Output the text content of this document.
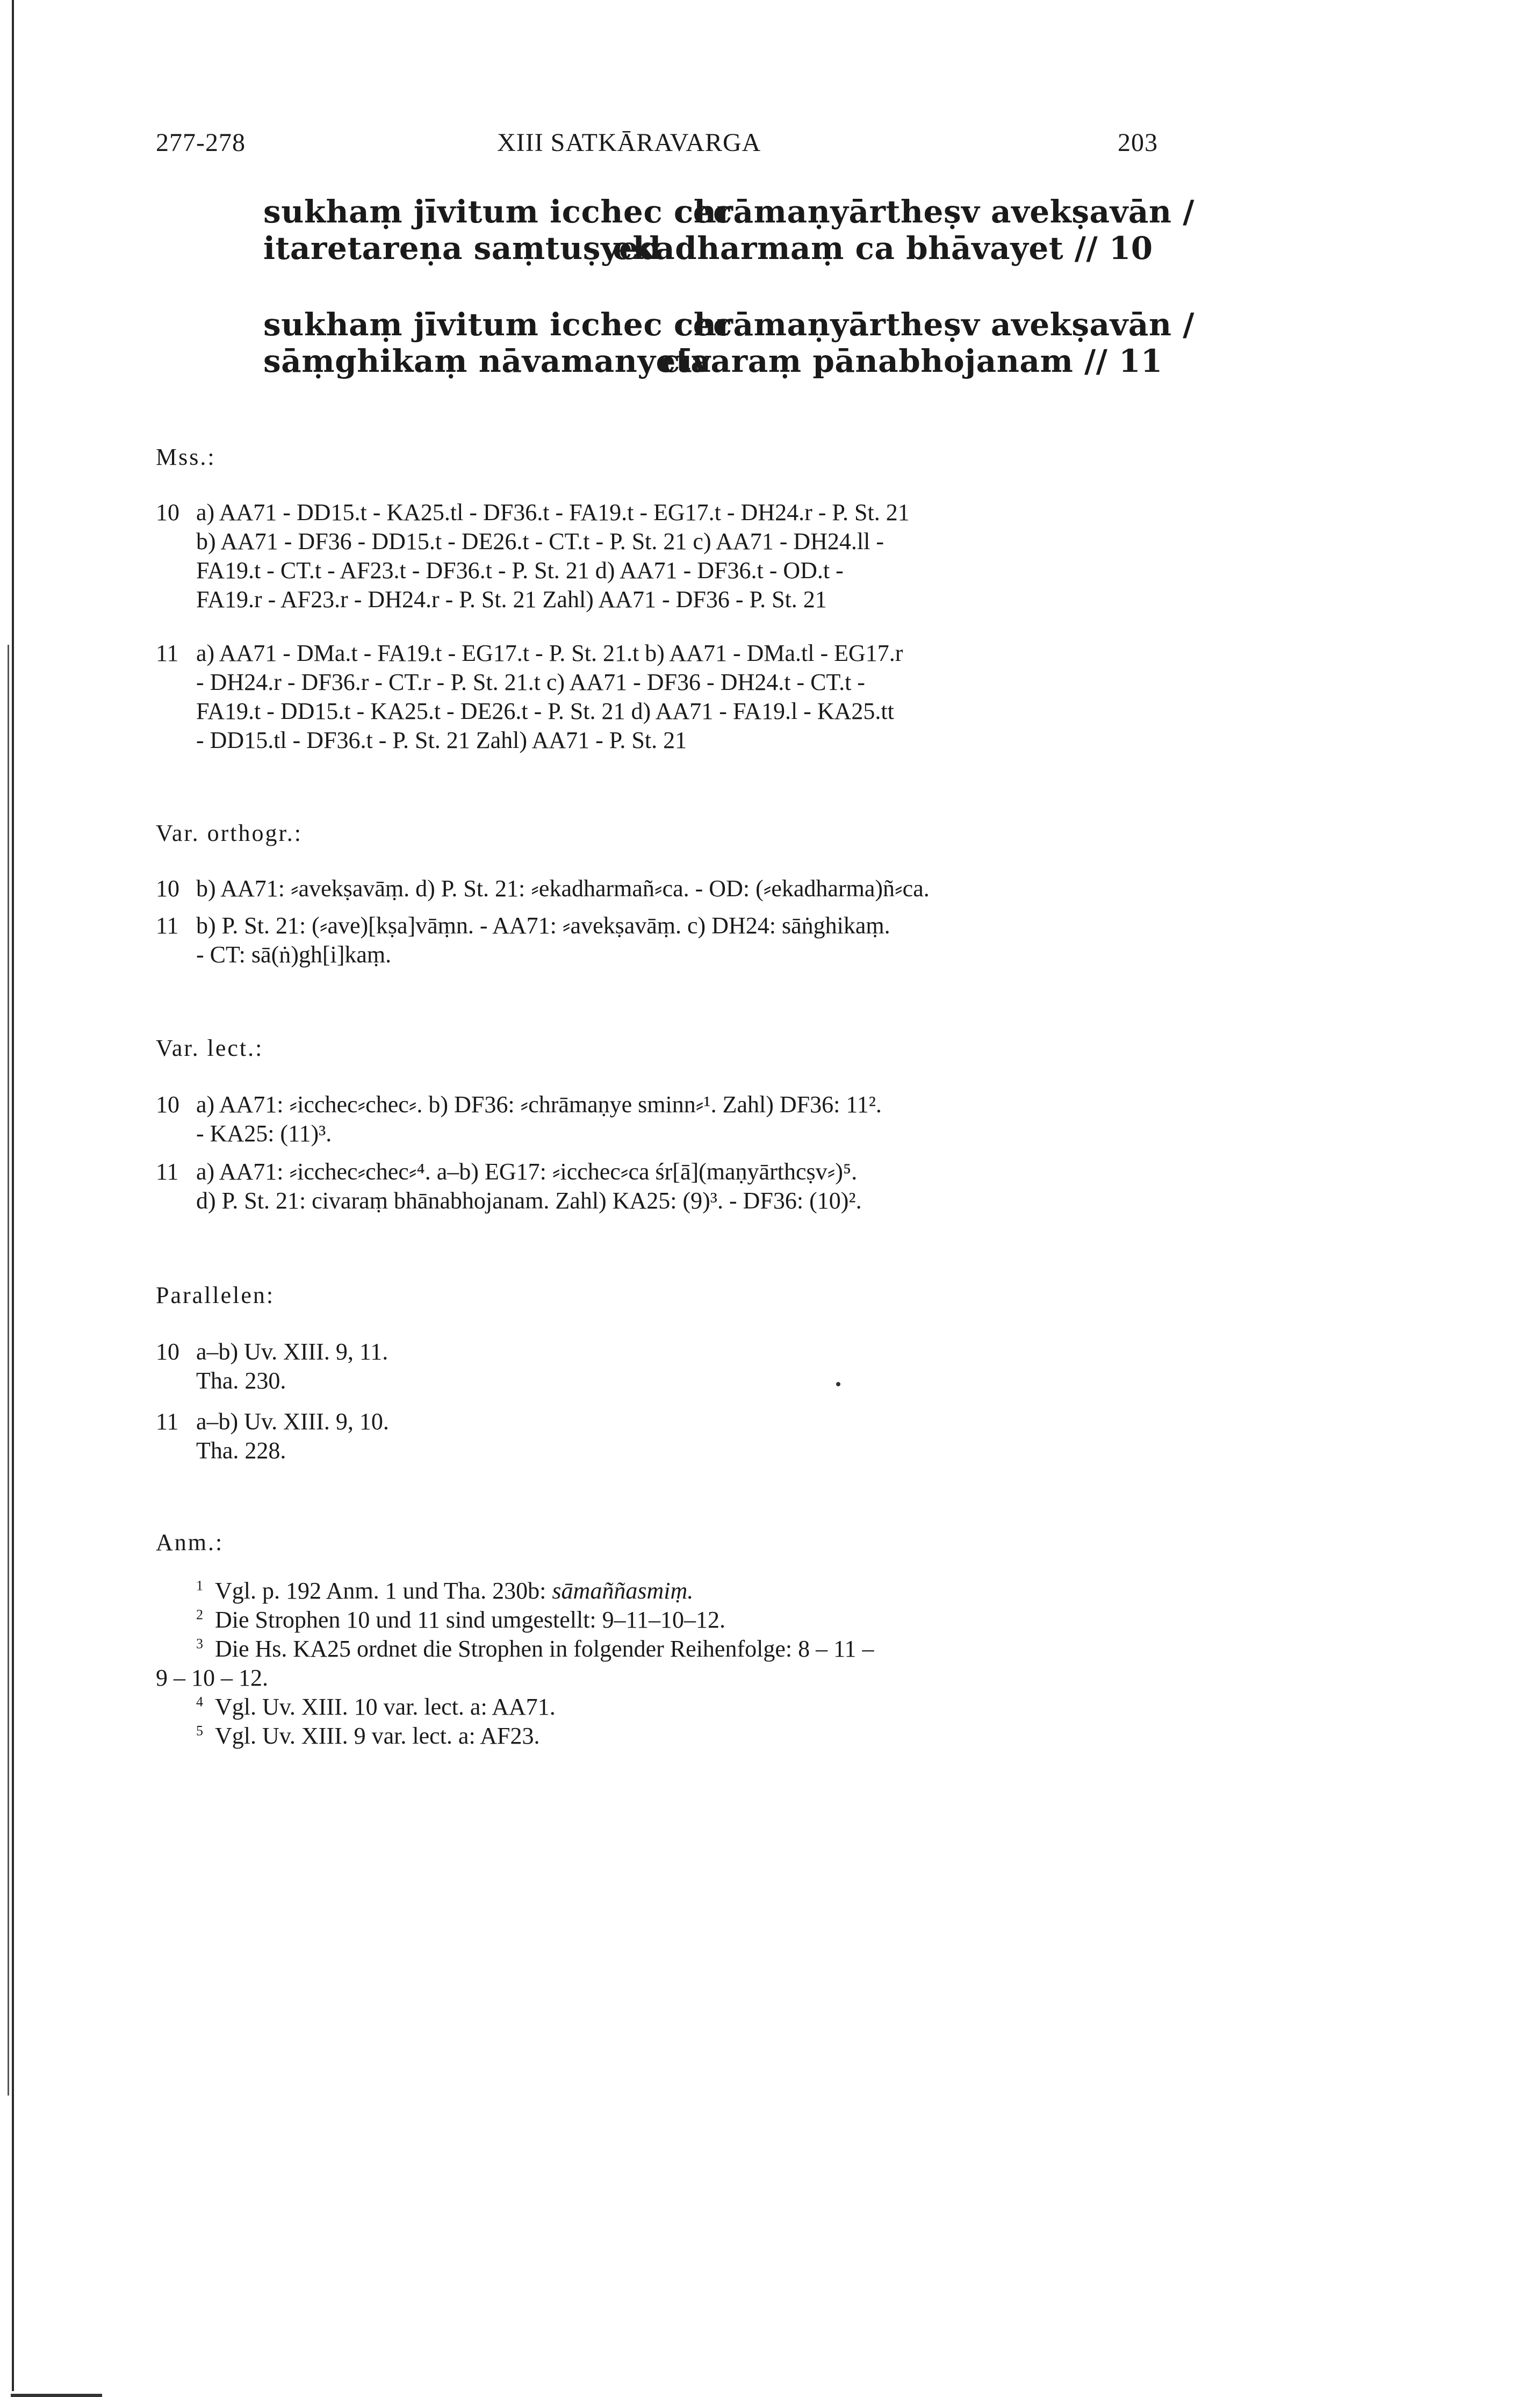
277-278	XIII SATKĀRAVARGA	203
sukhaṃ jīvitum icchec cec
chrāmaṇyārtheṣv avekṣavān /
itaretareṇa saṃtuṣyed
ekadharmaṃ ca bhāvayet // 10
sukhaṃ jīvitum icchec cec
chrāmaṇyārtheṣv avekṣavān /
sāṃghikaṃ nāvamanyeta
cīvaraṃ pānabhojanam // 11
Mss.:
10 a) AA71 - DD15.t - KA25.tl - DF36.t - FA19.t - EG17.t - DH24.r - P. St. 21
b) AA71 - DF36 - DD15.t - DE26.t - CT.t - P. St. 21 c) AA71 - DH24.ll -
FA19.t - CT.t - AF23.t - DF36.t - P. St. 21 d) AA71 - DF36.t - OD.t -
FA19.r - AF23.r - DH24.r - P. St. 21 Zahl) AA71 - DF36 - P. St. 21
11 a) AA71 - DMa.t - FA19.t - EG17.t - P. St. 21.t b) AA71 - DMa.tl - EG17.r
- DH24.r - DF36.r - CT.r - P. St. 21.t c) AA71 - DF36 - DH24.t - CT.t -
FA19.t - DD15.t - KA25.t - DE26.t - P. St. 21 d) AA71 - FA19.l - KA25.tt
- DD15.tl - DF36.t - P. St. 21 Zahl) AA71 - P. St. 21
Var. orthogr.:
10 b) AA71: ⸗avekṣavāṃ. d) P. St. 21: ⸗ekadharmañ⸗ca. - OD: (⸗ekadharma)ñ⸗ca.
11 b) P. St. 21: (⸗ave)[kṣa]vāṃn. - AA71: ⸗avekṣavāṃ. c) DH24: sāṅghikaṃ.
- CT: sā(ṅ)gh[i]kaṃ.
Var. lect.:
10 a) AA71: ⸗icchec⸗chec⸗. b) DF36: ⸗chrāmaṇye sminn⸗¹. Zahl) DF36: 11².
- KA25: (11)³.
11 a) AA71: ⸗icchec⸗chec⸗⁴. a–b) EG17: ⸗icchec⸗ca śr[ā](maṇyārthcṣv⸗)⁵.
d) P. St. 21: civaraṃ bhānabhojanam. Zahl) KA25: (9)³. - DF36: (10)².
Parallelen:
10 a–b) Uv. XIII. 9, 11.
Tha. 230.
11 a–b) Uv. XIII. 9, 10.
Tha. 228.
Anm.:
$^1$ Vgl. p. 192 Anm. 1 und Tha. 230b: sāmaññasmiṃ.
$^2$ Die Strophen 10 und 11 sind umgestellt: 9–11–10–12.
$^3$ Die Hs. KA25 ordnet die Strophen in folgender Reihenfolge: 8 – 11 –
9 – 10 – 12.
$^4$ Vgl. Uv. XIII. 10 var. lect. a: AA71.
$^5$ Vgl. Uv. XIII. 9 var. lect. a: AF23.
